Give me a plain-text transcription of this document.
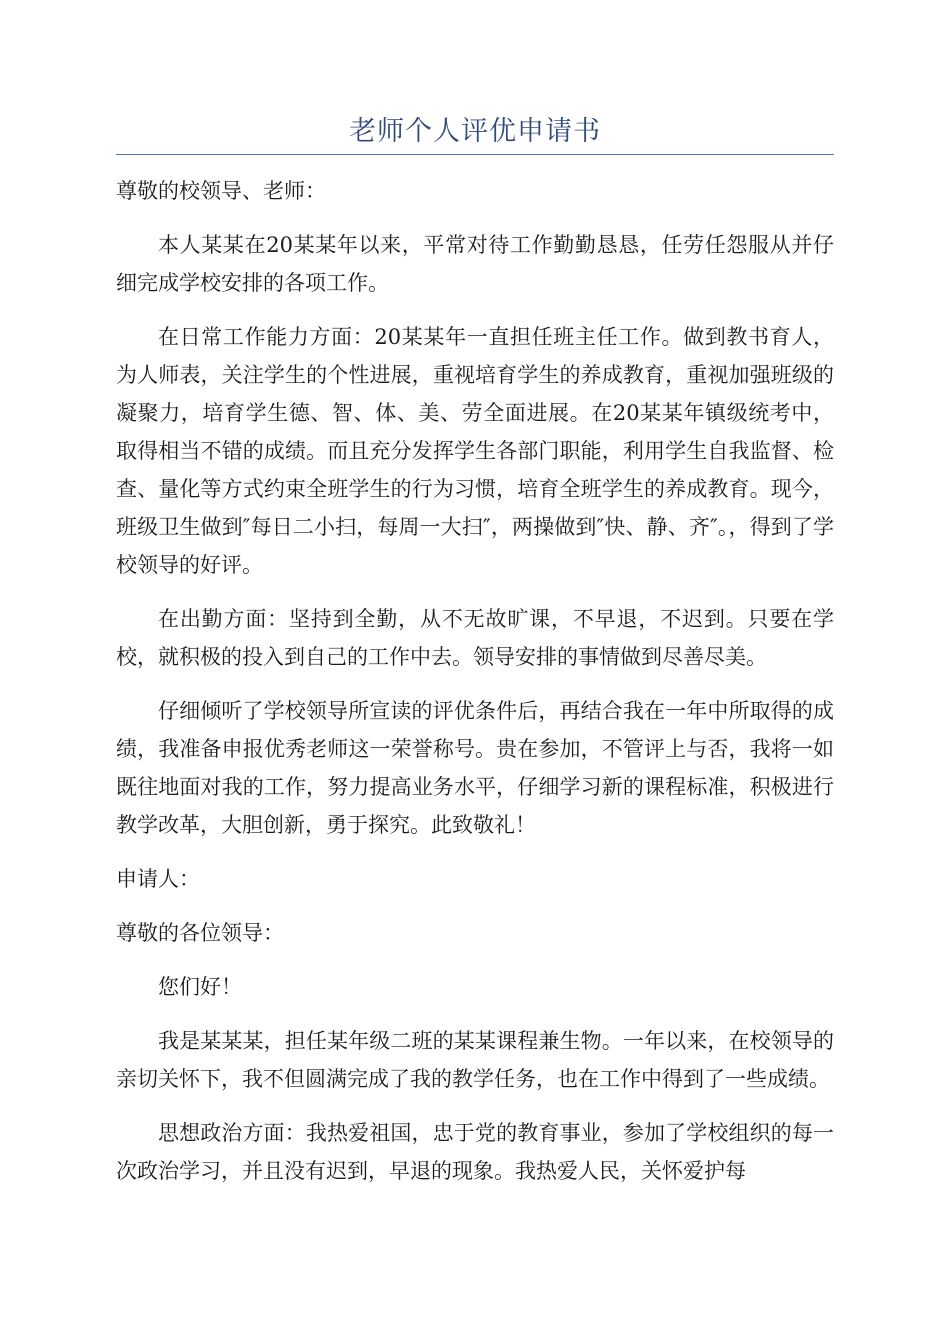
老师个人评优申请书

尊敬的校领导、老师：

本人某某在20某某年以来，平常对待工作勤勤恳恳，任劳任怨服从并仔细完成学校安排的各项工作。

在日常工作能力方面：20某某年一直担任班主任工作。做到教书育人，为人师表，关注学生的个性进展，重视培育学生的养成教育，重视加强班级的凝聚力，培育学生德、智、体、美、劳全面进展。在20某某年镇级统考中，取得相当不错的成绩。而且充分发挥学生各部门职能，利用学生自我监督、检查、量化等方式约束全班学生的行为习惯，培育全班学生的养成教育。现今，班级卫生做到″每日二小扫，每周一大扫″，两操做到″快、静、齐″。，得到了学校领导的好评。

在出勤方面：坚持到全勤，从不无故旷课，不早退，不迟到。只要在学校，就积极的投入到自己的工作中去。领导安排的事情做到尽善尽美。

仔细倾听了学校领导所宣读的评优条件后，再结合我在一年中所取得的成绩，我准备申报优秀老师这一荣誉称号。贵在参加，不管评上与否，我将一如既往地面对我的工作，努力提高业务水平，仔细学习新的课程标准，积极进行教学改革，大胆创新，勇于探究。此致敬礼！

申请人：

尊敬的各位领导：

您们好！

我是某某某，担任某年级二班的某某课程兼生物。一年以来，在校领导的亲切关怀下，我不但圆满完成了我的教学任务，也在工作中得到了一些成绩。

思想政治方面：我热爱祖国，忠于党的教育事业，参加了学校组织的每一次政治学习，并且没有迟到，早退的现象。我热爱人民，关怀爱护每
